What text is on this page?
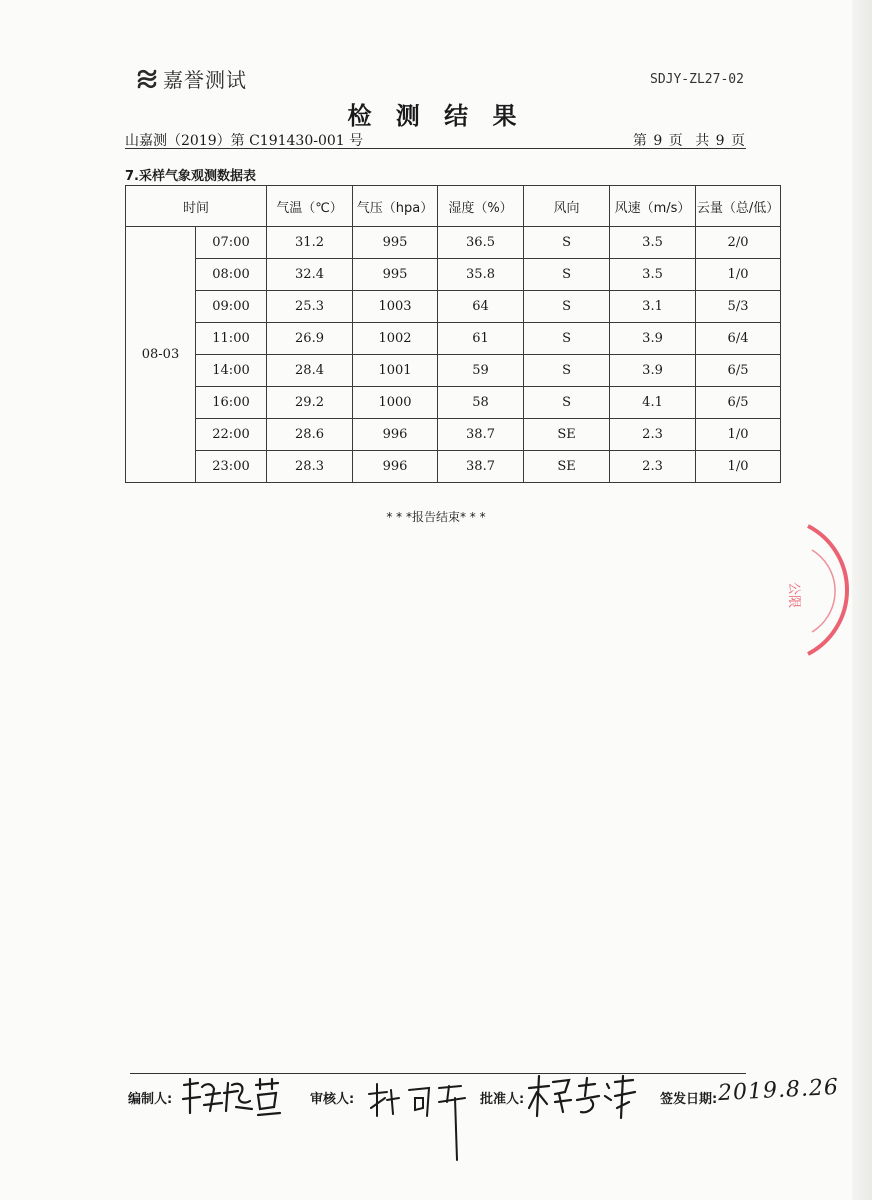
嘉誉测试	SDJY-ZL27-02
检 测 结 果
山嘉测（2019）第 C191430-001 号	第 9 页 共 9 页
7.采样气象观测数据表
时间		气温（℃）	气压（hpa）	湿度（%）	风向	风速（m/s）	云量（总/低）
08-03	07:00	31.2	995	36.5	S	3.5	2/0
	08:00	32.4	995	35.8	S	3.5	1/0
	09:00	25.3	1003	64	S	3.1	5/3
	11:00	26.9	1002	61	S	3.9	6/4
	14:00	28.4	1001	59	S	3.9	6/5
	16:00	29.2	1000	58	S	4.1	6/5
	22:00	28.6	996	38.7	SE	2.3	1/0
	23:00	28.3	996	38.7	SE	2.3	1/0
* * *报告结束* * *
公限
编制人:	审核人:	批准人:	签发日期: 2019.8.26
